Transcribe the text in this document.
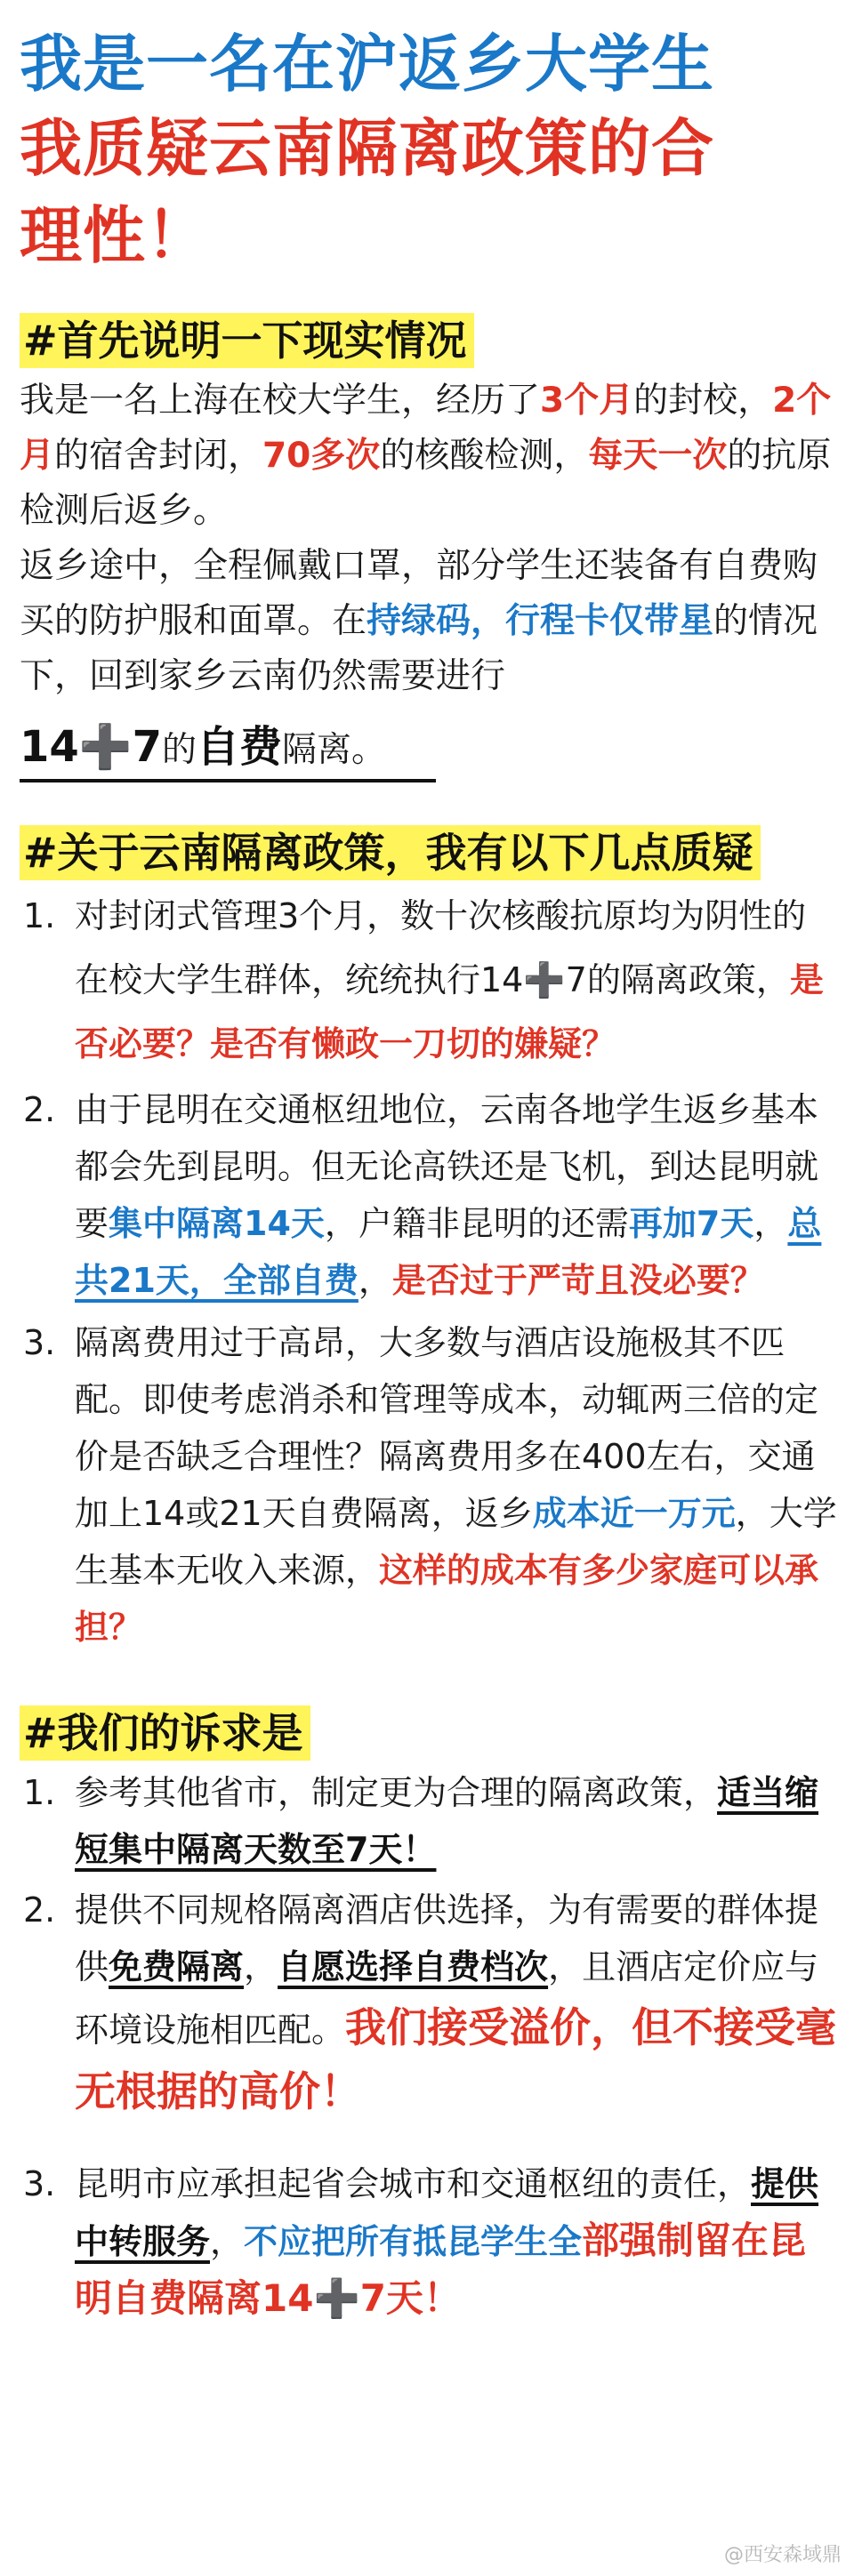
我是一名在沪返乡大学生
我质疑云南隔离政策的合
理性！
#首先说明一下现实情况

我是一名上海在校大学生，经历了3个月的封校，2个月的宿舍封闭，70多次的核酸检测，每天一次的抗原检测后返乡。

返乡途中，全程佩戴口罩，部分学生还装备有自费购买的防护服和面罩。在持绿码，行程卡仅带星的情况下，回到家乡云南仍然需要进行

14➕7的自费隔离。

#关于云南隔离政策，我有以下几点质疑
1. 对封闭式管理3个月，数十次核酸抗原均为阴性的在校大学生群体，统统执行14➕7的隔离政策，是否必要？是否有懒政一刀切的嫌疑？
2. 由于昆明在交通枢纽地位，云南各地学生返乡基本都会先到昆明。但无论高铁还是飞机，到达昆明就要集中隔离14天，户籍非昆明的还需再加7天，总共21天，全部自费，是否过于严苛且没必要？
3. 隔离费用过于高昂，大多数与酒店设施极其不匹配。即使考虑消杀和管理等成本，动辄两三倍的定价是否缺乏合理性？隔离费用多在400左右，交通加上14或21天自费隔离，返乡成本近一万元，大学生基本无收入来源，这样的成本有多少家庭可以承担？
#我们的诉求是
1. 参考其他省市，制定更为合理的隔离政策，适当缩短集中隔离天数至7天！
2. 提供不同规格隔离酒店供选择，为有需要的群体提供免费隔离，自愿选择自费档次，且酒店定价应与环境设施相匹配。我们接受溢价，但不接受毫无根据的高价！
3. 昆明市应承担起省会城市和交通枢纽的责任，提供中转服务，不应把所有抵昆学生全部强制留在昆明自费隔离14➕7天！
@西安森域鼎
